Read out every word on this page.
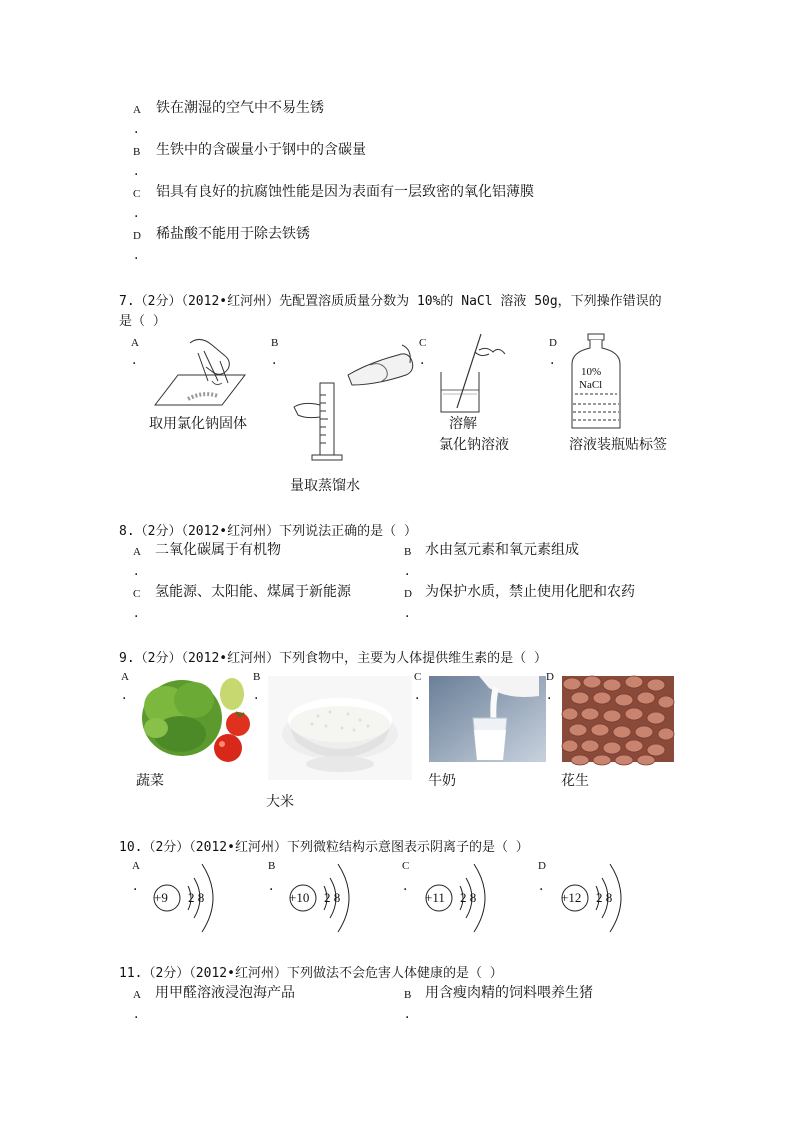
A 铁在潮湿的空气中不易生锈
.
B 生铁中的含碳量小于钢中的含碳量
.
C 铝具有良好的抗腐蚀性能是因为表面有一层致密的氧化铝薄膜
.
D 稀盐酸不能用于除去铁锈
.
7.（2分）（2012•红河州）先配置溶质质量分数为 10%的 NaCl 溶液 50g，下列操作错误的
是（ ）
A
.
取用氯化钠固体
B
.
量取蒸馏水
C
.
溶解
氯化钠溶液
D
.
10%
NaCl
溶液装瓶贴标签
8.（2分）（2012•红河州）下列说法正确的是（ ）
A 二氧化碳属于有机物
.
B 水由氢元素和氧元素组成
.
C 氢能源、太阳能、煤属于新能源
.
D 为保护水质，禁止使用化肥和农药
.
9.（2分）（2012•红河州）下列食物中，主要为人体提供维生素的是（ ）
A
.
蔬菜
B
.
大米
C
.
牛奶
D
.
花生
10.（2分）（2012•红河州）下列微粒结构示意图表示阴离子的是（ ）
A
.
+9 2 8
B
.
+10 2 8
C
.
+11 2 8
D
.
+12 2 8
11.（2分）（2012•红河州）下列做法不会危害人体健康的是（ ）
A 用甲醛溶液浸泡海产品
.
B 用含瘦肉精的饲料喂养生猪
.
